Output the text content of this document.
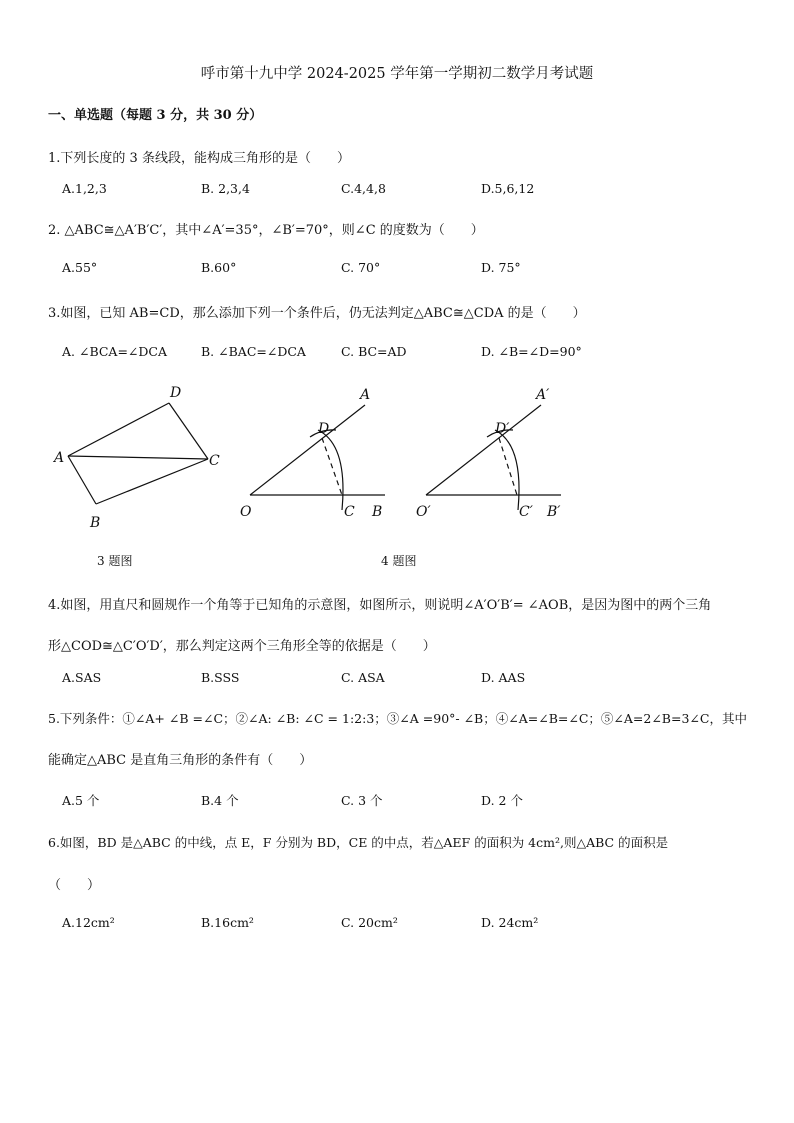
呼市第十九中学 2024-2025 学年第一学期初二数学月考试题
一、单选题（每题 3 分，共 30 分）
1.下列长度的 3 条线段，能构成三角形的是（　　）
A.1,2,3	B. 2,3,4	C.4,4,8	D.5,6,12
2. △ABC≅△A′B′C′，其中∠A′=35°，∠B′=70°，则∠C 的度数为（　　）
A.55°	B.60°	C. 70°	D. 75°
3.如图，已知 AB=CD，那么添加下列一个条件后，仍无法判定△ABC≅△CDA 的是（　　）
A. ∠BCA=∠DCA	B. ∠BAC=∠DCA	C. BC=AD	D. ∠B=∠D=90°
A
B
C
D	A
D
O	C B
A′
D′
O′	C′ B′
3 题图	4 题图
4.如图，用直尺和圆规作一个角等于已知角的示意图，如图所示，则说明∠A′O′B′= ∠AOB，是因为图中的两个三角
形△COD≅△C′O′D′，那么判定这两个三角形全等的依据是（　　）
A.SAS	B.SSS	C. ASA	D. AAS
5.下列条件：①∠A+ ∠B =∠C；②∠A: ∠B: ∠C = 1:2:3；③∠A =90°- ∠B；④∠A=∠B=∠C；⑤∠A=2∠B=3∠C，其中
能确定△ABC 是直角三角形的条件有（　　）
A.5 个	B.4 个	C. 3 个	D. 2 个
6.如图，BD 是△ABC 的中线，点 E，F 分别为 BD，CE 的中点，若△AEF 的面积为 4cm²,则△ABC 的面积是
（　　）
A.12cm²	B.16cm²	C. 20cm²	D. 24cm²
